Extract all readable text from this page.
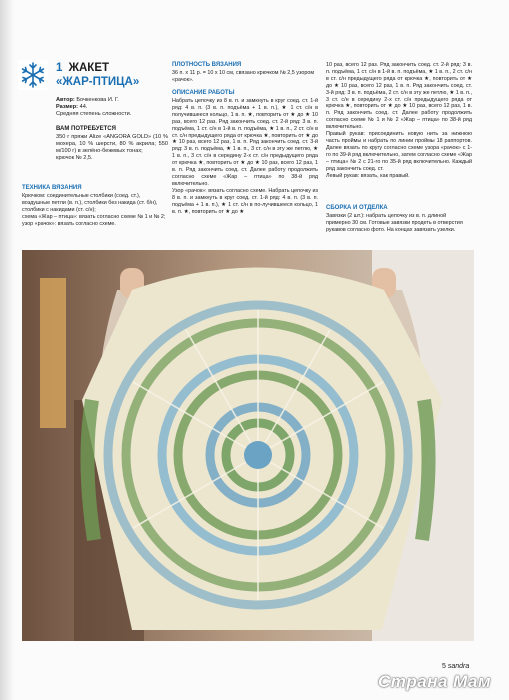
1 ЖАКЕТ
«ЖАР-ПТИЦА»
Автор: Бочкенкова И. Г.
Размер: 44.
Средняя степень сложности.
ВАМ ПОТРЕБУЕТСЯ
350 г пряжи Alize «ANGORA GOLD» (10 % мохера, 10 % шерсти, 80 % акрила; 550 м/100 г) в зелёно-бежевых тонах;
крючок № 2,5.
ТЕХНИКА ВЯЗАНИЯ
Крючком: соединительные столбики (соед. ст.), воздушные петли (в. п.), столбики без накида (ст. б/н), столбики с накидами (ст. с/н);
схема «Жар – птица»: вязать согласно схеме № 1 и № 2;
узор «рачок»: вязать согласно схеме.
ПЛОТНОСТЬ ВЯЗАНИЯ
36 п. х 11 р. = 10 х 10 см, связано крючком № 2,5 узором «рачок».
ОПИСАНИЕ РАБОТЫ
Набрать цепочку из 8 в. п. и замкнуть в круг соед. ст. 1-й ряд: 4 в. п. (3 в. п. подъёма + 1 в. п.), ★ 1 ст. с/н в получившееся кольцо, 1 в. п. ★, повторить от ★ до ★ 10 раз, всего 12 раз. Ряд закончить соед. ст. 2-й ряд: 3 в. п. подъёма, 1 ст. с/н в 1-й в. п. подъёма, ★ 1 в. п., 2 ст. с/н в ст. с/н предыдущего ряда от крючка ★, повторить от ★ до ★ 10 раз, всего 12 раз, 1 в. п. Ряд закончить соед. ст. 3-й ряд: 3 в. п. подъёма, ★ 1 в. п., 3 ст. с/н в эту же петлю, ★ 1 в. п., 3 ст. с/н в середину 2-х ст. с/н предыдущего ряда от крючка ★, повторить от ★ до ★ 10 раз, всего 12 раз, 1 в. п. Ряд закончить соед. ст. Далее работу продолжить согласно схеме «Жар – птица» по 38-й ряд включительно.
Узор «рачок»: вязать согласно схеме. Набрать цепочку из 8 в. п. и замкнуть в круг соед. ст. 1-й ряд: 4 в. п. (3 в. п. подъёма + 1 в. п.), ★ 1 ст. с/н в по-лучившееся кольцо, 1 в. п. ★, повторить от ★ до ★
10 раз, всего 12 раз. Ряд закончить соед. ст. 2-й ряд: 3 в. п. подъёма, 1 ст. с/н в 1-й в. п. подъёма, ★ 1 в. п., 2 ст. с/н в ст. с/н предыдущего ряда от крючка ★, повторить от ★ до ★ 10 раз, всего 12 раз, 1 в. п. Ряд закончить соед. ст. 3-й ряд: 3 в. п. подъёма, 2 ст. с/н в эту же петлю, ★ 1 в. п., 3 ст. с/н в середину 2-х ст. с/н предыдущего ряда от крючка ★, повторить от ★ до ★ 10 раз, всего 12 раз, 1 в. п. Ряд закончить соед. ст. Далее работу продолжить согласно схеме № 1 и № 2 «Жар – птица» по 38-й ряд включительно.
Правый рукав: присоединить новую нить за нижнюю часть проймы и набрать по линии проймы 18 раппортов. Далее вязать по кругу согласно схеме узора «рачок» с 1-го по 39-й ряд включительно, затем согласно схеме «Жар – птица» № 2 с 21-го по 35-й ряд включительно. Каждый ряд закончить соед. ст.
Левый рукав: вязать, как правый.
СБОРКА И ОТДЕЛКА
Завязки (2 шт.): набрать цепочку из в. п. длиной примерно 30 см. Готовые завязки продеть в отверстия рукавов согласно фото. На концах завязать узелки.
5 sandra
Страна Мам
